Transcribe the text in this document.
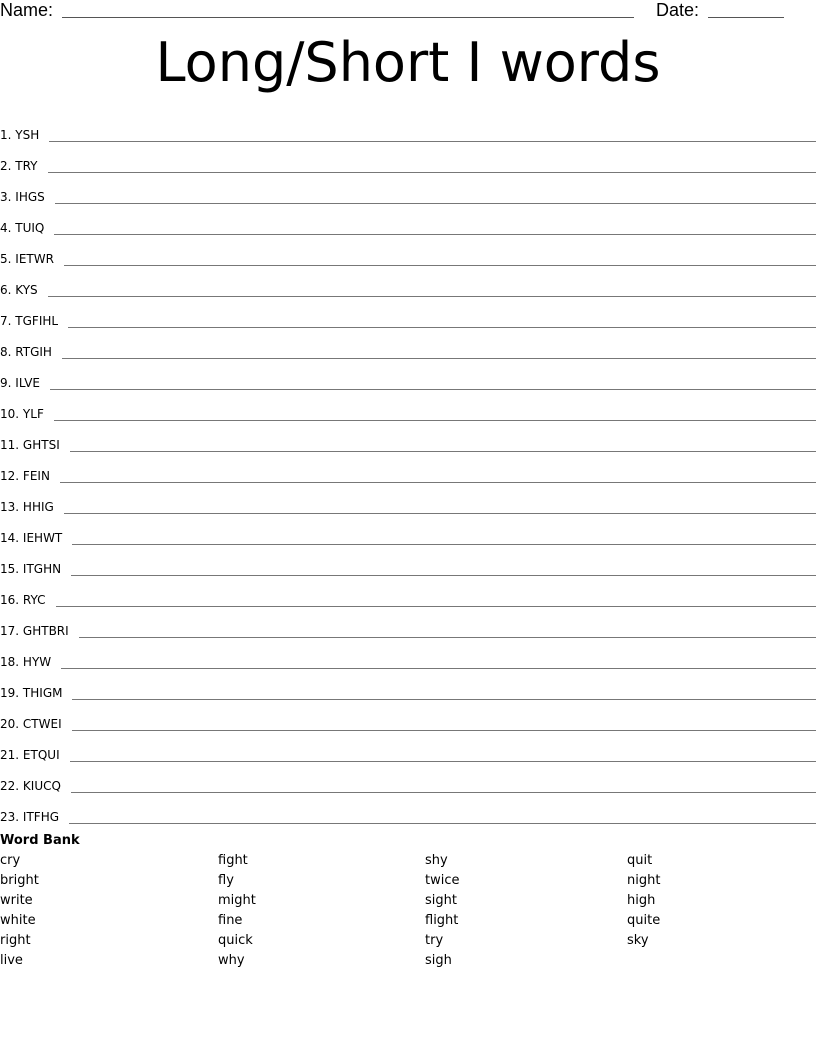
Name:	Date:
Long/Short I words
1. YSH
2. TRY
3. IHGS
4. TUIQ
5. IETWR
6. KYS
7. TGFIHL
8. RTGIH
9. ILVE
10. YLF
11. GHTSI
12. FEIN
13. HHIG
14. IEHWT
15. ITGHN
16. RYC
17. GHTBRI
18. HYW
19. THIGM
20. CTWEI
21. ETQUI
22. KIUCQ
23. ITFHG
Word Bank
cry
bright
write
white
right
live
fight
fly
might
fine
quick
why
shy
twice
sight
flight
try
sigh
quit
night
high
quite
sky
